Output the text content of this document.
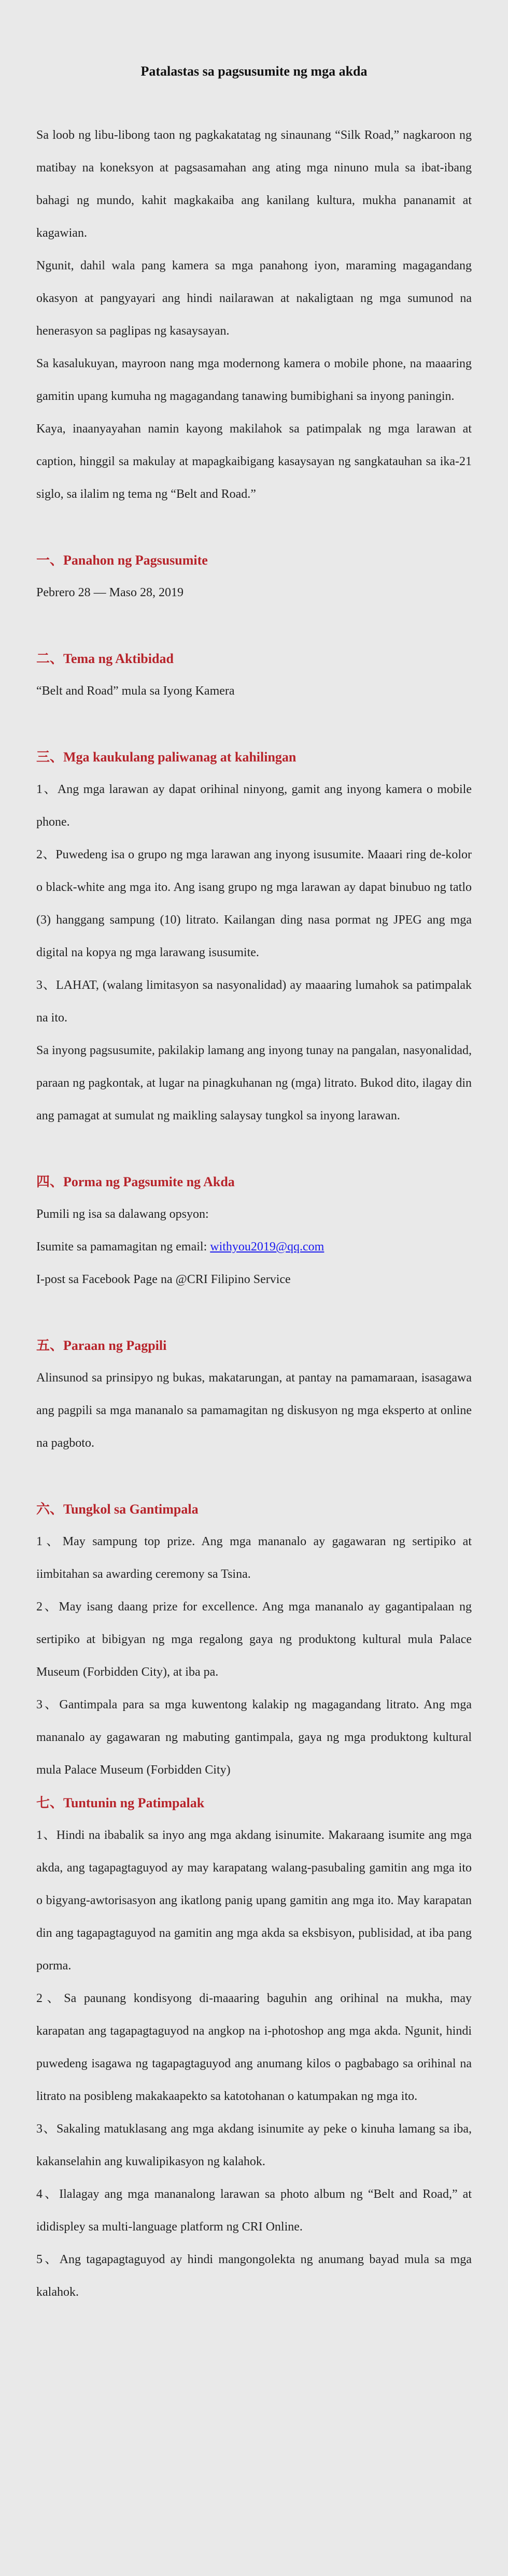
Patalastas sa pagsusumite ng mga akda

Sa loob ng libu-libong taon ng pagkakatatag ng sinaunang “Silk Road,” nagkaroon ng matibay na koneksyon at pagsasamahan ang ating mga ninuno mula sa ibat-ibang bahagi ng mundo, kahit magkakaiba ang kanilang kultura, mukha pananamit at kagawian.

Ngunit, dahil wala pang kamera sa mga panahong iyon, maraming magagandang okasyon at pangyayari ang hindi nailarawan at nakaligtaan ng mga sumunod na henerasyon sa paglipas ng kasaysayan.

Sa kasalukuyan, mayroon nang mga modernong kamera o mobile phone, na maaaring gamitin upang kumuha ng magagandang tanawing bumibighani sa inyong paningin.

Kaya, inaanyayahan namin kayong makilahok sa patimpalak ng mga larawan at caption, hinggil sa makulay at mapagkaibigang kasaysayan ng sangkatauhan sa ika-21 siglo, sa ilalim ng tema ng “Belt and Road.”

一、Panahon ng Pagsusumite

Pebrero 28 — Maso 28, 2019

二、Tema ng Aktibidad

“Belt and Road” mula sa Iyong Kamera

三、Mga kaukulang paliwanag at kahilingan

1、Ang mga larawan ay dapat orihinal ninyong, gamit ang inyong kamera o mobile phone.

2、Puwedeng isa o grupo ng mga larawan ang inyong isusumite. Maaari ring de-kolor o black-white ang mga ito. Ang isang grupo ng mga larawan ay dapat binubuo ng tatlo (3) hanggang sampung (10) litrato. Kailangan ding nasa pormat ng JPEG ang mga digital na kopya ng mga larawang isusumite.

3、LAHAT, (walang limitasyon sa nasyonalidad) ay maaaring lumahok sa patimpalak na ito.

Sa inyong pagsusumite, pakilakip lamang ang inyong tunay na pangalan, nasyonalidad, paraan ng pagkontak, at lugar na pinagkuhanan ng (mga) litrato. Bukod dito, ilagay din ang pamagat at sumulat ng maikling salaysay tungkol sa inyong larawan.

四、Porma ng Pagsumite ng Akda

Pumili ng isa sa dalawang opsyon:

Isumite sa pamamagitan ng email: withyou2019@qq.com

I-post sa Facebook Page na @CRI Filipino Service

五、Paraan ng Pagpili

Alinsunod sa prinsipyo ng bukas, makatarungan, at pantay na pamamaraan, isasagawa ang pagpili sa mga mananalo sa pamamagitan ng diskusyon ng mga eksperto at online na pagboto.

六、Tungkol sa Gantimpala

1、May sampung top prize. Ang mga mananalo ay gagawaran ng sertipiko at iimbitahan sa awarding ceremony sa Tsina.

2、May isang daang prize for excellence. Ang mga mananalo ay gagantipalaan ng sertipiko at bibigyan ng mga regalong gaya ng produktong kultural mula Palace Museum (Forbidden City), at iba pa.

3、Gantimpala para sa mga kuwentong kalakip ng magagandang litrato. Ang mga mananalo ay gagawaran ng mabuting gantimpala, gaya ng mga produktong kultural mula Palace Museum (Forbidden City)

七、Tuntunin ng Patimpalak

1、Hindi na ibabalik sa inyo ang mga akdang isinumite. Makaraang isumite ang mga akda, ang tagapagtaguyod ay may karapatang walang-pasubaling gamitin ang mga ito o bigyang-awtorisasyon ang ikatlong panig upang gamitin ang mga ito. May karapatan din ang tagapagtaguyod na gamitin ang mga akda sa eksbisyon, publisidad, at iba pang porma.

2、Sa paunang kondisyong di-maaaring baguhin ang orihinal na mukha, may karapatan ang tagapagtaguyod na angkop na i-photoshop ang mga akda. Ngunit, hindi puwedeng isagawa ng tagapagtaguyod ang anumang kilos o pagbabago sa orihinal na litrato na posibleng makakaapekto sa katotohanan o katumpakan ng mga ito.

3、Sakaling matuklasang ang mga akdang isinumite ay peke o kinuha lamang sa iba, kakanselahin ang kuwalipikasyon ng kalahok.

4、Ilalagay ang mga mananalong larawan sa photo album ng “Belt and Road,” at ididispley sa multi-language platform ng CRI Online.

5、Ang tagapagtaguyod ay hindi mangongolekta ng anumang bayad mula sa mga kalahok.
